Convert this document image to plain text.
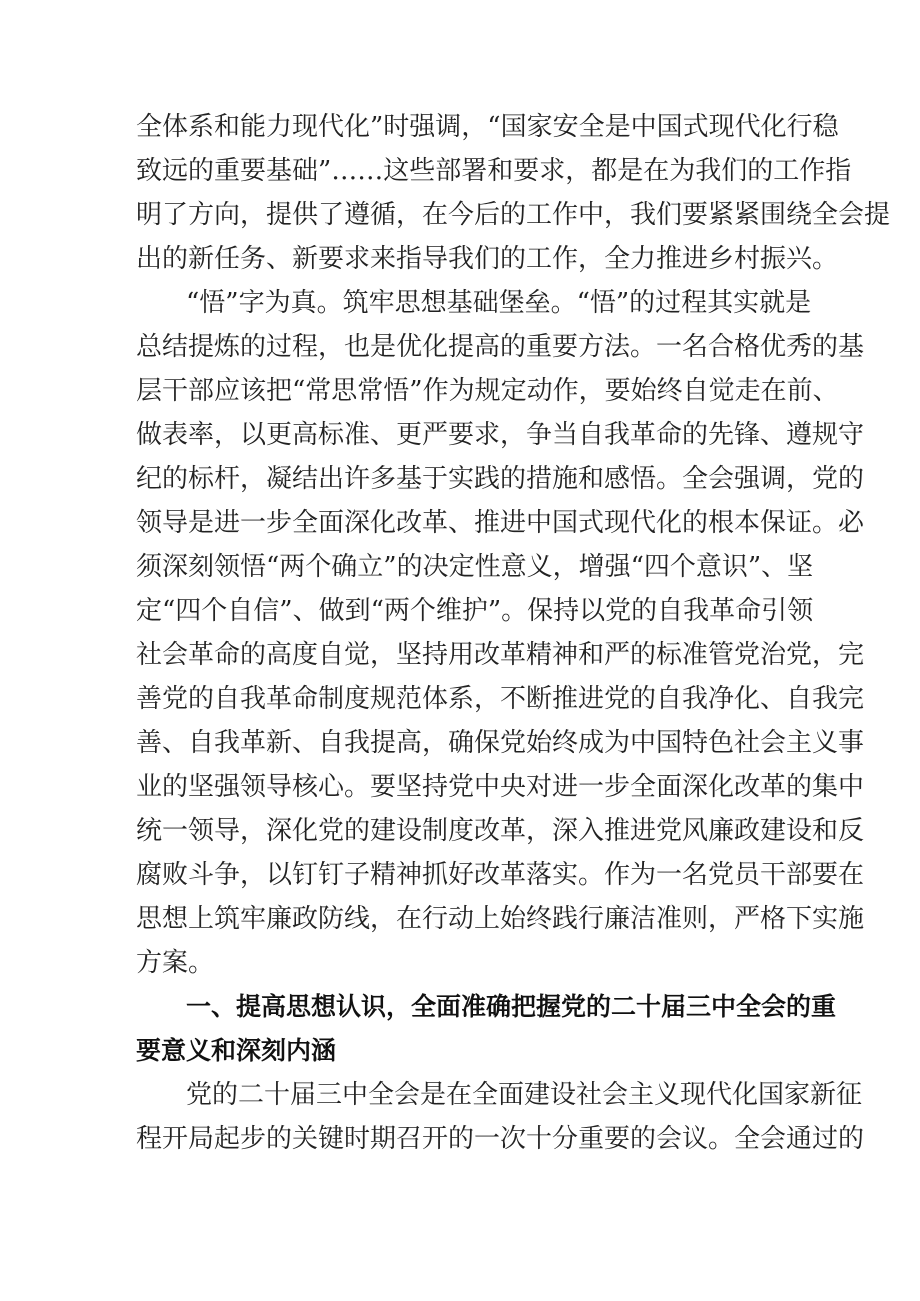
全体系和能力现代化”时强调，“国家安全是中国式现代化行稳
致远的重要基础”……这些部署和要求，都是在为我们的工作指
明了方向，提供了遵循，在今后的工作中，我们要紧紧围绕全会提
出的新任务、新要求来指导我们的工作，全力推进乡村振兴。
“悟”字为真。筑牢思想基础堡垒。“悟”的过程其实就是
总结提炼的过程，也是优化提高的重要方法。一名合格优秀的基
层干部应该把“常思常悟”作为规定动作，要始终自觉走在前、
做表率，以更高标准、更严要求，争当自我革命的先锋、遵规守
纪的标杆，凝结出许多基于实践的措施和感悟。全会强调，党的
领导是进一步全面深化改革、推进中国式现代化的根本保证。必
须深刻领悟“两个确立”的决定性意义，增强“四个意识”、坚
定“四个自信”、做到“两个维护”。保持以党的自我革命引领
社会革命的高度自觉，坚持用改革精神和严的标准管党治党，完
善党的自我革命制度规范体系，不断推进党的自我净化、自我完
善、自我革新、自我提高，确保党始终成为中国特色社会主义事
业的坚强领导核心。要坚持党中央对进一步全面深化改革的集中
统一领导，深化党的建设制度改革，深入推进党风廉政建设和反
腐败斗争，以钉钉子精神抓好改革落实。作为一名党员干部要在
思想上筑牢廉政防线，在行动上始终践行廉洁准则，严格下实施
方案。
一、提高思想认识，全面准确把握党的二十届三中全会的重
要意义和深刻内涵
党的二十届三中全会是在全面建设社会主义现代化国家新征
程开局起步的关键时期召开的一次十分重要的会议。全会通过的
